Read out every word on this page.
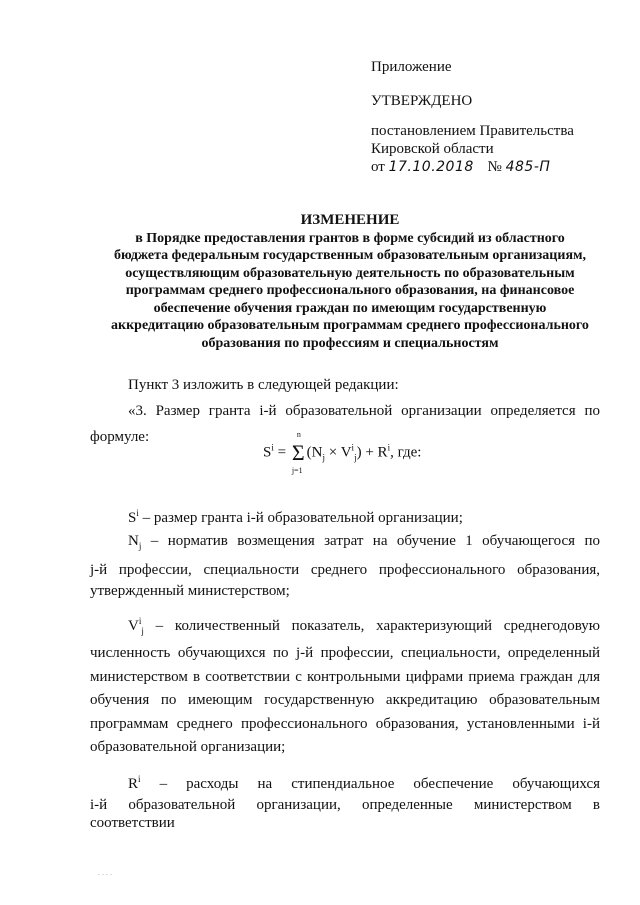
Приложение
УТВЕРЖДЕНО
постановлением Правительства
Кировской области
от 17.10.2018 № 485-П
ИЗМЕНЕНИЕ
в Порядке предоставления грантов в форме субсидий из областного
бюджета федеральным государственным образовательным организациям,
осуществляющим образовательную деятельность по образовательным
программам среднего профессионального образования, на финансовое
обеспечение обучения граждан по имеющим государственную
аккредитацию образовательным программам среднего профессионального
образования по профессиям и специальностям
Пункт 3 изложить в следующей редакции:
«3. Размер гранта i-й образовательной организации определяется по
формуле:
$S^i = \Sigma$
n
j=1
$(N_j \times V^i_j) + R^i$, где:
$S^i$ – размер гранта i-й образовательной организации;
$N_j$ – норматив возмещения затрат на обучение 1 обучающегося по
j-й профессии, специальности среднего профессионального образования, утвержденный министерством;
$V^i_j$ – количественный показатель, характеризующий среднегодовую
численность обучающихся по j-й профессии, специальности, определенный министерством в соответствии с контрольными цифрами приема граждан для обучения по имеющим государственную аккредитацию образовательным программам среднего профессионального образования, установленными i-й образовательной организации;
$R^i$ – расходы на стипендиальное обеспечение обучающихся
i-й образовательной организации, определенные министерством в соответствии
. . . .
